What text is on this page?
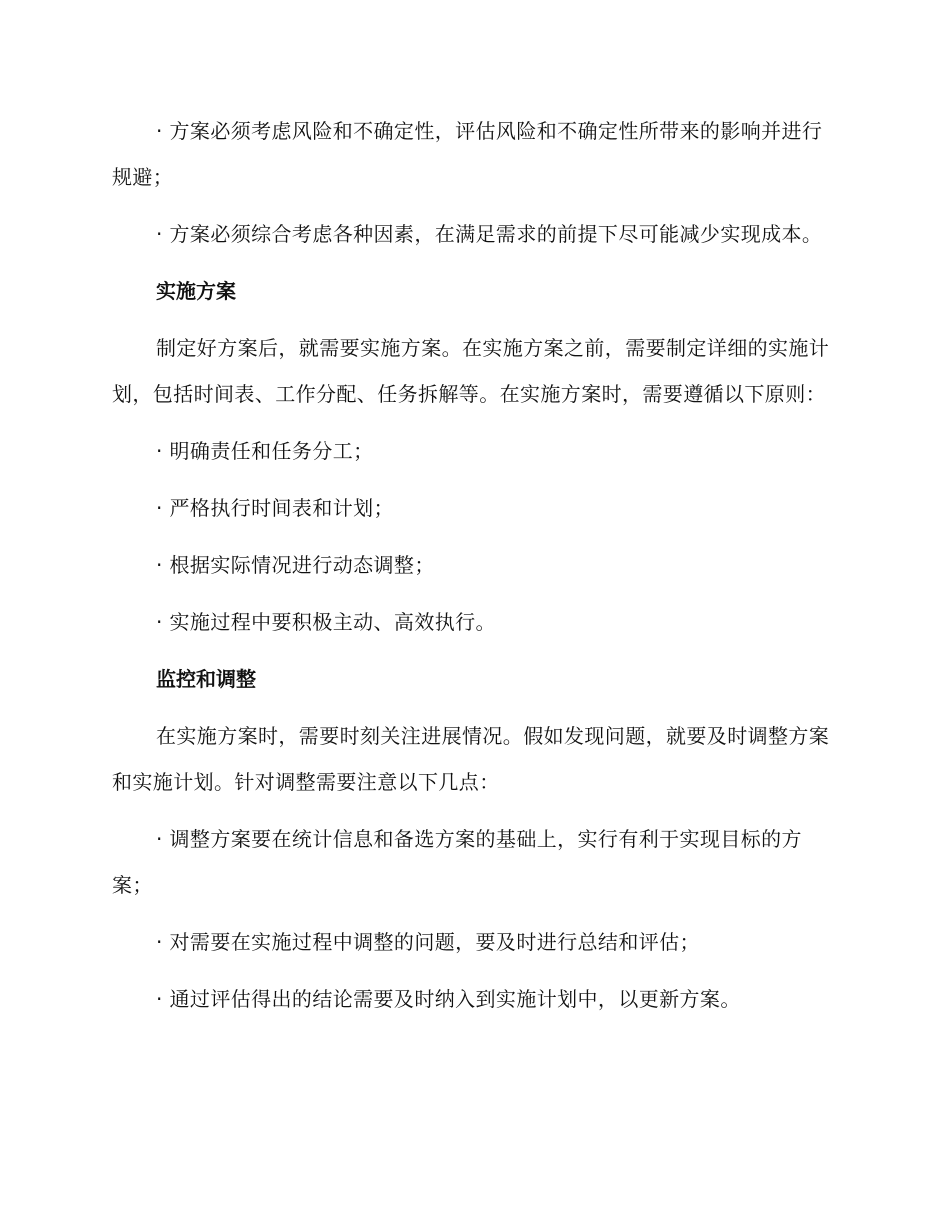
· 方案必须考虑风险和不确定性，评估风险和不确定性所带来的影响并进行规避；

· 方案必须综合考虑各种因素，在满足需求的前提下尽可能减少实现成本。

实施方案

制定好方案后，就需要实施方案。在实施方案之前，需要制定详细的实施计划，包括时间表、工作分配、任务拆解等。在实施方案时，需要遵循以下原则：

· 明确责任和任务分工；

· 严格执行时间表和计划；

· 根据实际情况进行动态调整；

· 实施过程中要积极主动、高效执行。

监控和调整

在实施方案时，需要时刻关注进展情况。假如发现问题，就要及时调整方案和实施计划。针对调整需要注意以下几点：

· 调整方案要在统计信息和备选方案的基础上，实行有利于实现目标的方案；

· 对需要在实施过程中调整的问题，要及时进行总结和评估；

· 通过评估得出的结论需要及时纳入到实施计划中，以更新方案。
